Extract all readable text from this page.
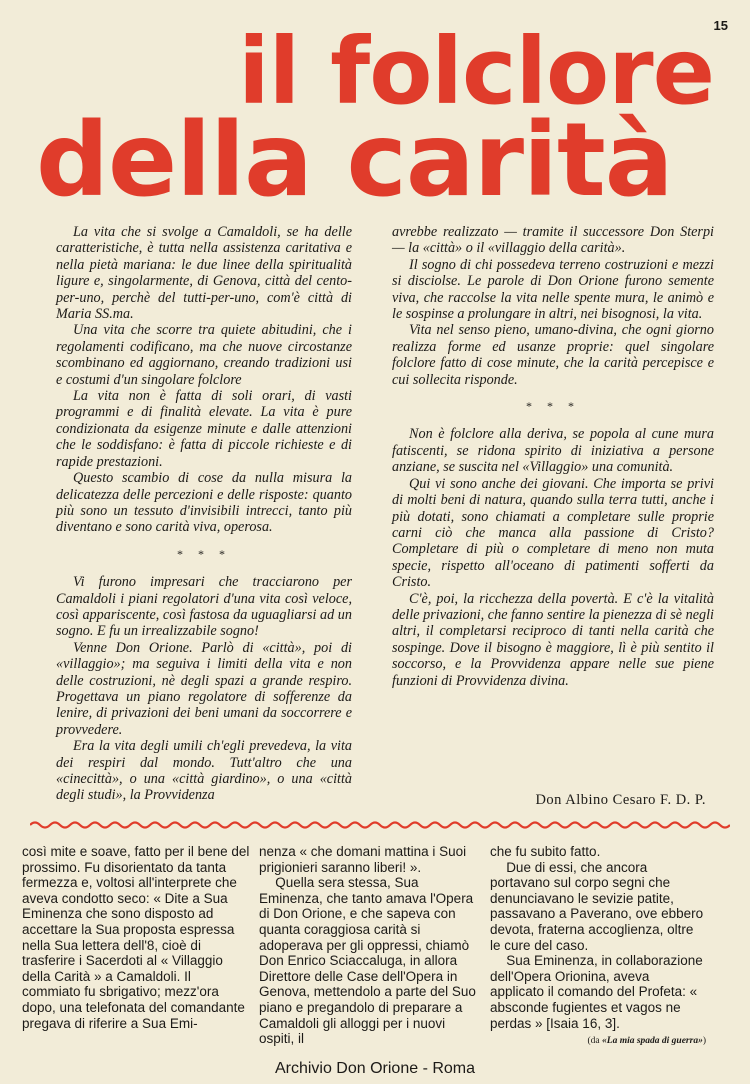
15
il folclore
della carità

La vita che si svolge a Camaldoli, se ha delle caratteristiche, è tutta nella assistenza caritativa e nella pietà mariana: le due linee della spiritualità ligure e, singolarmente, di Genova, città del cento-per-uno, perchè del tutti-per-uno, com'è città di Maria SS.ma.

Una vita che scorre tra quiete abitudini, che i regolamenti codificano, ma che nuove circostanze scombinano ed aggiornano, creando tradizioni usi e costumi d'un singolare folclore

La vita non è fatta di soli orari, di vasti programmi e di finalità elevate. La vita è pure condizionata da esigenze minute e dalle attenzioni che le soddisfano: è fatta di piccole richieste e di rapide prestazioni.

Questo scambio di cose da nulla misura la delicatezza delle percezioni e delle risposte: quanto più sono un tessuto d'invisibili intrecci, tanto più diventano e sono carità viva, operosa.

* * *

Vi furono impresari che tracciarono per Camaldoli i piani regolatori d'una vita così veloce, così appariscente, così fastosa da uguagliarsi ad un sogno. E fu un irrealizzabile sogno!

Venne Don Orione. Parlò di «città», poi di «villaggio»; ma seguiva i limiti della vita e non delle costruzioni, nè degli spazi a grande respiro. Progettava un piano regolatore di sofferenze da lenire, di privazioni dei beni umani da soccorrere e provvedere.

Era la vita degli umili ch'egli prevedeva, la vita dei respiri dal mondo. Tutt'altro che una «cinecittà», o una «città giardino», o una «città degli studi», la Provvidenza

avrebbe realizzato — tramite il successore Don Sterpi — la «città» o il «villaggio della carità».

Il sogno di chi possedeva terreno costruzioni e mezzi si disciolse. Le parole di Don Orione furono semente viva, che raccolse la vita nelle spente mura, le animò e le sospinse a prolungare in altri, nei bisognosi, la vita.

Vita nel senso pieno, umano-divina, che ogni giorno realizza forme ed usanze proprie: quel singolare folclore fatto di cose minute, che la carità percepisce e cui sollecita risponde.

* * *

Non è folclore alla deriva, se popola al cune mura fatiscenti, se ridona spirito di iniziativa a persone anziane, se suscita nel «Villaggio» una comunità.

Qui vi sono anche dei giovani. Che importa se privi di molti beni di natura, quando sulla terra tutti, anche i più dotati, sono chiamati a completare sulle proprie carni ciò che manca alla passione di Cristo? Completare di più o completare di meno non muta specie, rispetto all'oceano di patimenti sofferti da Cristo.

C'è, poi, la ricchezza della povertà. E c'è la vitalità delle privazioni, che fanno sentire la pienezza di sè negli altri, il completarsi reciproco di tanti nella carità che sospinge. Dove il bisogno è maggiore, lì è più sentito il soccorso, e la Provvidenza appare nelle sue piene funzioni di Provvidenza divina.

Don Albino Cesaro F. D. P.

così mite e soave, fatto per il bene del prossimo. Fu disorientato da tanta fermezza e, voltosi all'interprete che aveva condotto seco: « Dite a Sua Eminenza che sono disposto ad accettare la Sua proposta espressa nella Sua lettera dell'8, cioè di trasferire i Sacerdoti al « Villaggio della Carità » a Camaldoli. Il commiato fu sbrigativo; mezz'ora dopo, una telefonata del comandante pregava di riferire a Sua Emi-

nenza « che domani mattina i Suoi prigionieri saranno liberi! ».

Quella sera stessa, Sua Eminenza, che tanto amava l'Opera di Don Orione, e che sapeva con quanta coraggiosa carità si adoperava per gli oppressi, chiamò Don Enrico Sciaccaluga, in allora Direttore delle Case dell'Opera in Genova, mettendolo a parte del Suo piano e pregandolo di preparare a Camaldoli gli alloggi per i nuovi ospiti, il

che fu subito fatto.

Due di essi, che ancora portavano sul corpo segni che denunciavano le sevizie patite, passavano a Paverano, ove ebbero devota, fraterna accoglienza, oltre le cure del caso.

Sua Eminenza, in collaborazione dell'Opera Orionina, aveva applicato il comando del Profeta: « absconde fugientes et vagos ne perdas » [Isaia 16, 3].

(da «La mia spada di guerra»)

Archivio Don Orione - Roma
